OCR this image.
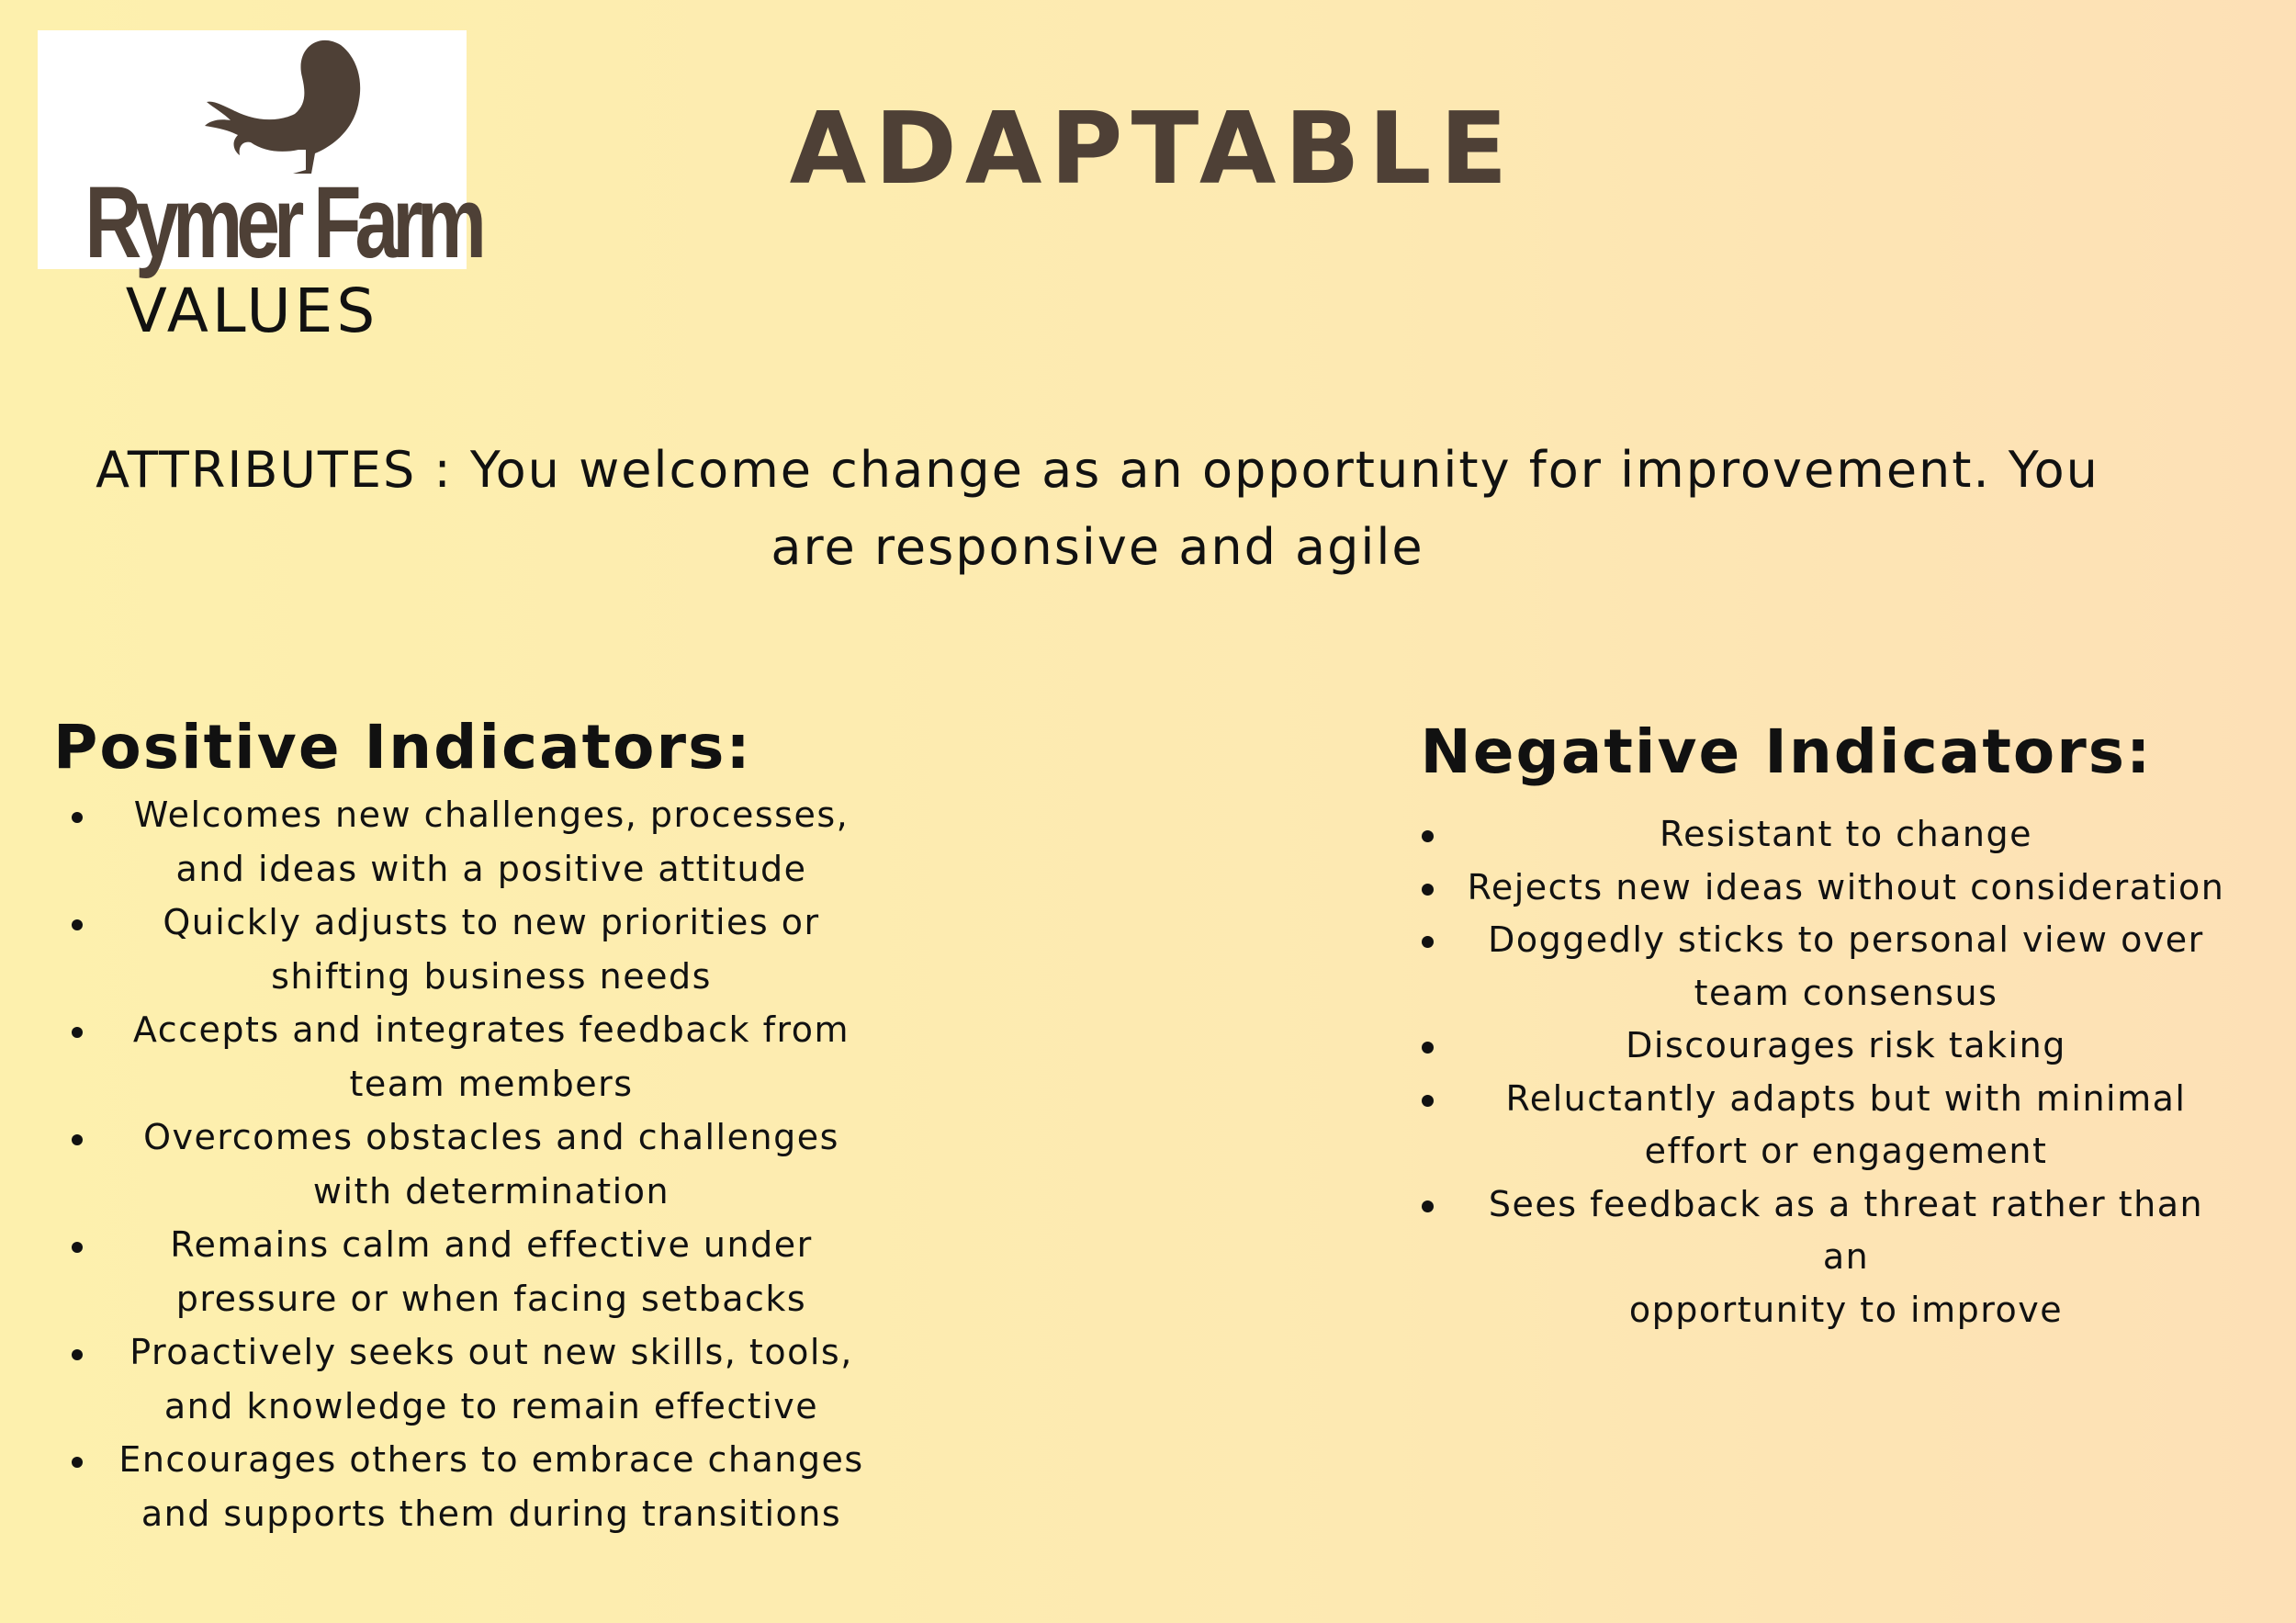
Rymer Farm
VALUES
ADAPTABLE
ATTRIBUTES : You welcome change as an opportunity for improvement. You
are responsive and agile
Positive Indicators:
Welcomes new challenges, processes,
and ideas with a positive attitude
Quickly adjusts to new priorities or
shifting business needs
Accepts and integrates feedback from
team members
Overcomes obstacles and challenges
with determination
Remains calm and effective under
pressure or when facing setbacks
Proactively seeks out new skills, tools,
and knowledge to remain effective
Encourages others to embrace changes
and supports them during transitions
Negative Indicators:
Resistant to change
Rejects new ideas without consideration
Doggedly sticks to personal view over
team consensus
Discourages risk taking
Reluctantly adapts but with minimal
effort or engagement
Sees feedback as a threat rather than an
opportunity to improve
